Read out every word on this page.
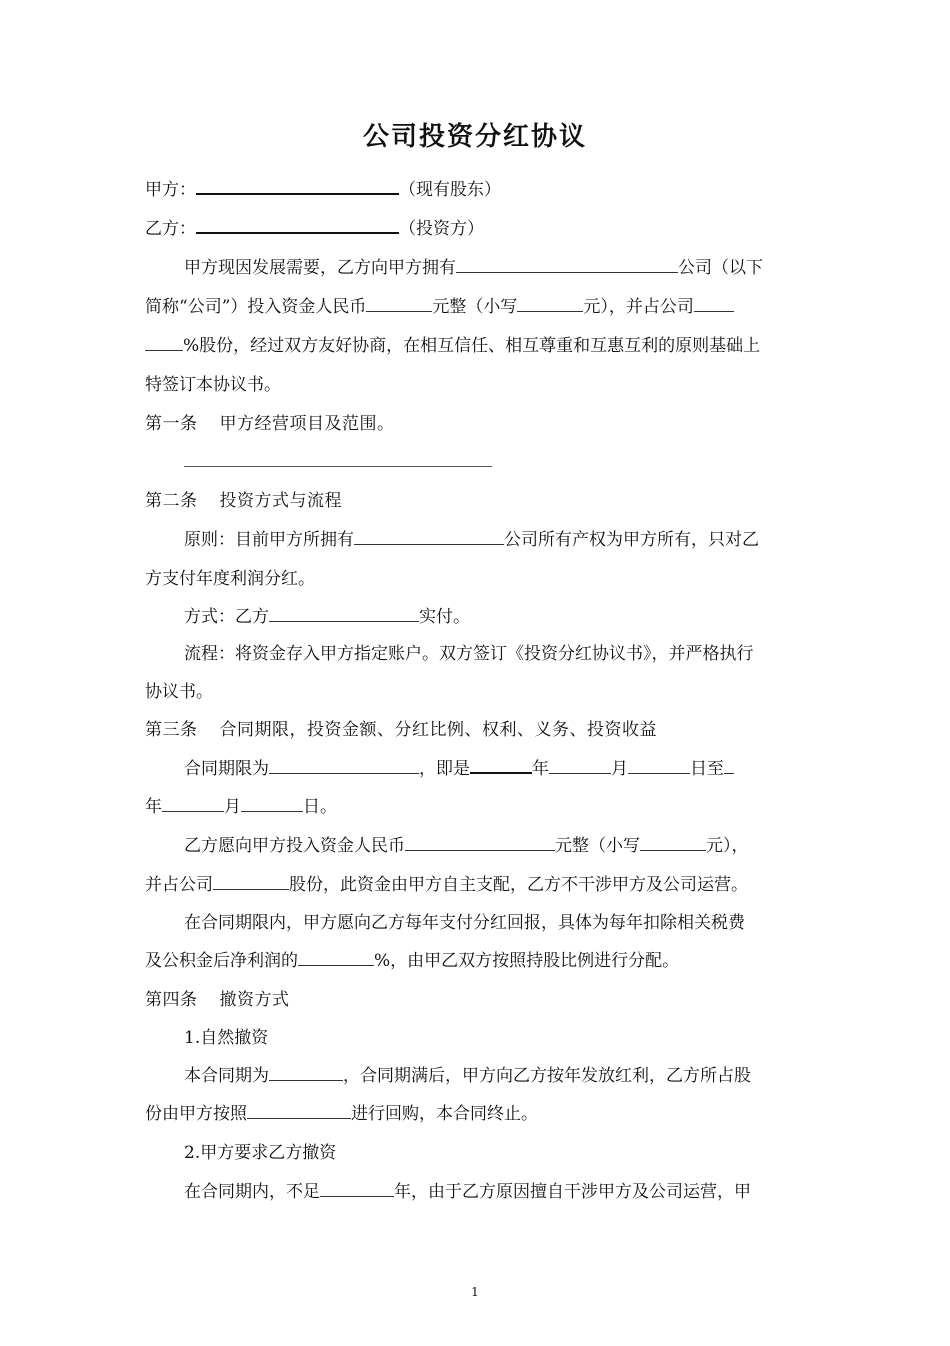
公司投资分红协议
甲方：	（现有股东）
乙方：	（投资方）
甲方现因发展需要，乙方向甲方拥有	公司（以下
简称“公司”）投入资金人民币	元整（小写	元），并占公司
%股份，经过双方友好协商，在相互信任、相互尊重和互惠互利的原则基础上
特签订本协议书。
第一条 甲方经营项目及范围。
第二条 投资方式与流程
原则：目前甲方所拥有	公司所有产权为甲方所有，只对乙
方支付年度利润分红。
方式：乙方	实付。
流程：将资金存入甲方指定账户。双方签订《投资分红协议书》，并严格执行
协议书。
第三条 合同期限，投资金额、分红比例、权利、义务、投资收益
合同期限为	，即是	年	月	日至
年	月	日。
乙方愿向甲方投入资金人民币	元整（小写	元），
并占公司	股份，此资金由甲方自主支配，乙方不干涉甲方及公司运营。
在合同期限内，甲方愿向乙方每年支付分红回报，具体为每年扣除相关税费
及公积金后净利润的	%，由甲乙双方按照持股比例进行分配。
第四条 撤资方式
1.自然撤资
本合同期为	，合同期满后，甲方向乙方按年发放红利，乙方所占股
份由甲方按照	进行回购，本合同终止。
2.甲方要求乙方撤资
在合同期内，不足	年，由于乙方原因擅自干涉甲方及公司运营，甲
1
